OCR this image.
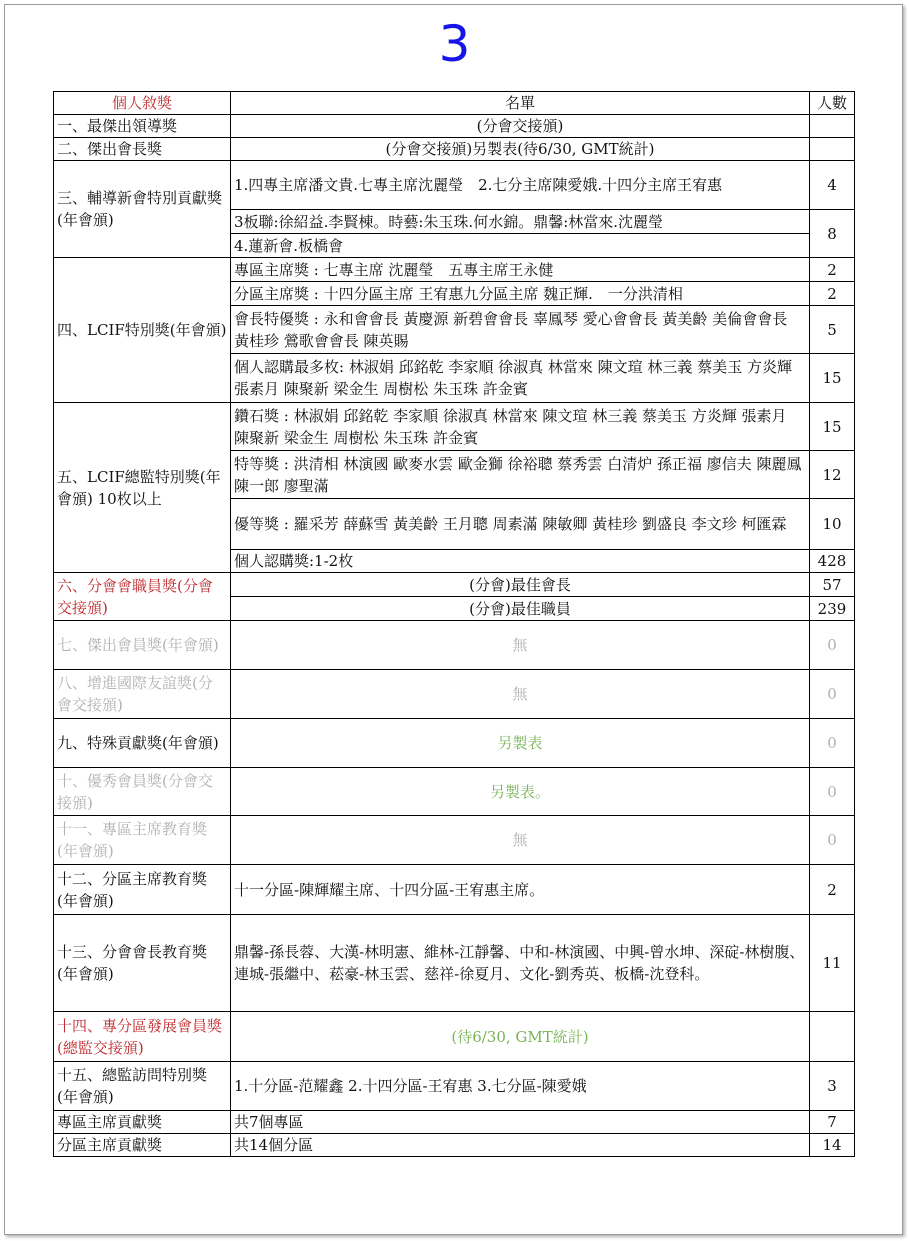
3
個人敘獎	名單	人數
一、最傑出領導獎	(分會交接頒)	
二、傑出會長獎	(分會交接頒)另製表(待6/30, GMT統計)	
三、輔導新會特別貢獻獎(年會頒)	1.四專主席潘文貴.七專主席沈麗瑩　2.七分主席陳愛娥.十四分主席王宥惠	4
	3板聯:徐紹益.李賢棟。時藝:朱玉珠.何水錦。鼎馨:林當來.沈麗瑩	8
	4.蓮新會.板橋會	
四、LCIF特別獎(年會頒)	專區主席獎 : 七專主席 沈麗瑩　五專主席王永健	2
	分區主席獎 : 十四分區主席 王宥惠九分區主席 魏正輝.　一分洪清相	2
	會長特優獎 : 永和會會長 黃慶源 新碧會會長 辜鳳琴 愛心會會長 黃美齡 美倫會會長 黃桂珍 鶯歌會會長 陳英賜	5
	個人認購最多枚: 林淑娟 邱銘乾 李家順 徐淑真 林當來 陳文瑄 林三義 蔡美玉 方炎輝 張素月 陳聚新 梁金生 周樹松 朱玉珠 許金賓	15
五、LCIF總監特別獎(年會頒) 10枚以上	鑽石獎 : 林淑娟 邱銘乾 李家順 徐淑真 林當來 陳文瑄 林三義 蔡美玉 方炎輝 張素月 陳聚新 梁金生 周樹松 朱玉珠 許金賓	15
	特等獎 : 洪清相 林演國 歐麥水雲 歐金獅 徐裕聰 蔡秀雲 白清炉 孫正福 廖信夫 陳麗鳳 陳一郎 廖聖滿	12
	優等獎 : 羅采芳 薛蘇雪 黃美齡 王月聰 周素滿 陳敏卿 黃桂珍 劉盛良 李文珍 柯匯霖	10
	個人認購獎:1-2枚	428
六、分會會職員獎(分會交接頒)	(分會)最佳會長	57
	(分會)最佳職員	239
七、傑出會員獎(年會頒)	無	0
八、增進國際友誼獎(分會交接頒)	無	0
九、特殊貢獻獎(年會頒)	另製表	0
十、優秀會員獎(分會交接頒)	另製表。	0
十一、專區主席教育獎(年會頒)	無	0
十二、分區主席教育獎(年會頒)	十一分區-陳輝耀主席、十四分區-王宥惠主席。	2
十三、分會會長教育獎(年會頒)	鼎馨-孫長蓉、大漢-林明憲、維林-江靜馨、中和-林演國、中興-曾水坤、深碇-林樹腹、連城-張繼中、菘豪-林玉雲、慈祥-徐夏月、文化-劉秀英、板橋-沈登科。	11
十四、專分區發展會員獎(總監交接頒)	(待6/30, GMT統計)	
十五、總監訪問特別獎(年會頒)	1.十分區-范耀鑫 2.十四分區-王宥惠 3.七分區-陳愛娥	3
專區主席貢獻獎	共7個專區	7
分區主席貢獻獎	共14個分區	14
